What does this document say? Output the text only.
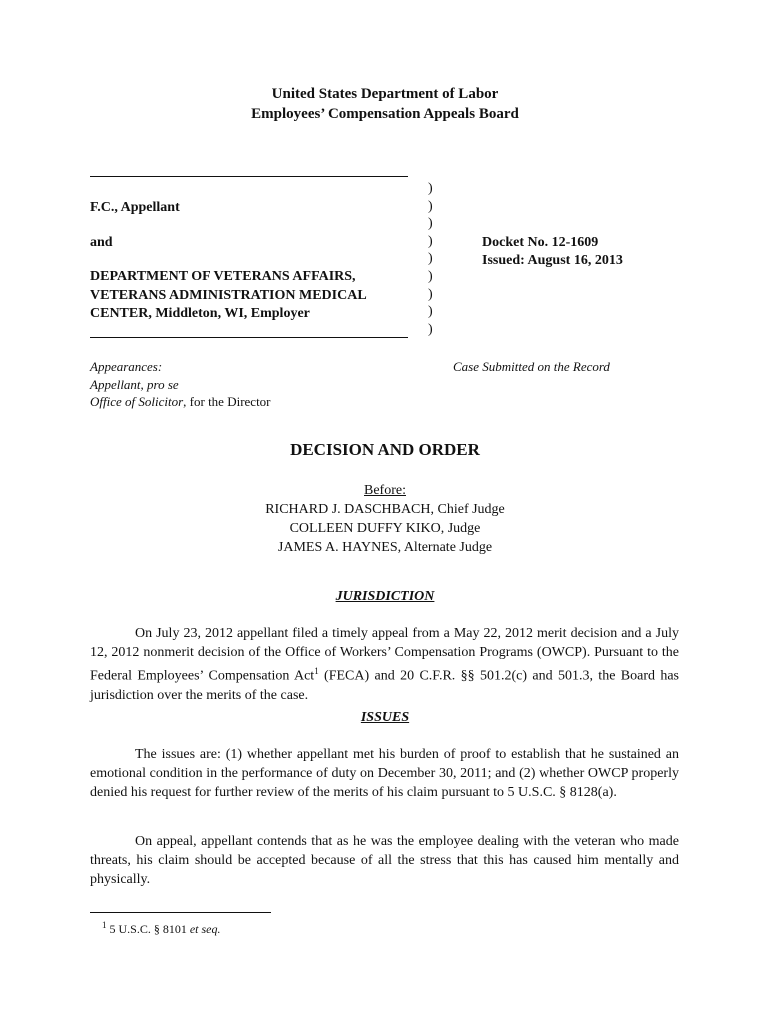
United States Department of Labor
Employees’ Compensation Appeals Board
F.C., Appellant
and
DEPARTMENT OF VETERANS AFFAIRS,
VETERANS ADMINISTRATION MEDICAL
CENTER, Middleton, WI, Employer
)
)
)
)
)
)
)
)
)
Docket No. 12-1609
Issued: August 16, 2013
Appearances:
Appellant, pro se
Office of Solicitor, for the Director
Case Submitted on the Record
DECISION AND ORDER
Before:
RICHARD J. DASCHBACH, Chief Judge
COLLEEN DUFFY KIKO, Judge
JAMES A. HAYNES, Alternate Judge
JURISDICTION
On July 23, 2012 appellant filed a timely appeal from a May 22, 2012 merit decision and a July 12, 2012 nonmerit decision of the Office of Workers’ Compensation Programs (OWCP). Pursuant to the Federal Employees’ Compensation Act$^1$ (FECA) and 20 C.F.R. §§ 501.2(c) and 501.3, the Board has jurisdiction over the merits of the case.
ISSUES
The issues are: (1) whether appellant met his burden of proof to establish that he sustained an emotional condition in the performance of duty on December 30, 2011; and (2) whether OWCP properly denied his request for further review of the merits of his claim pursuant to 5 U.S.C. § 8128(a).
On appeal, appellant contends that as he was the employee dealing with the veteran who made threats, his claim should be accepted because of all the stress that this has caused him mentally and physically.
$^1$ 5 U.S.C. § 8101 et seq.
